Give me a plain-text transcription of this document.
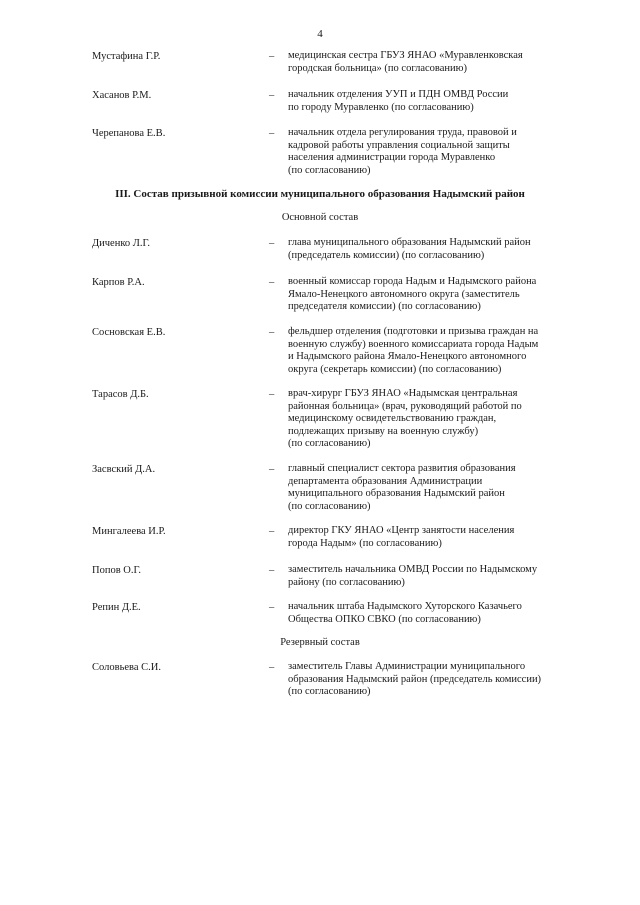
4
Мустафина Г.Р.	– медицинская сестра ГБУЗ ЯНАО «Муравленковская
городская больница» (по согласованию)
Хасанов Р.М.	– начальник отделения УУП и ПДН ОМВД России
по городу Муравленко (по согласованию)
Черепанова Е.В.	– начальник отдела регулирования труда, правовой и
кадровой работы управления социальной защиты
населения администрации города Муравленко
(по согласованию)
III. Состав призывной комиссии муниципального образования Надымский район
Основной состав
Диченко Л.Г.	– глава муниципального образования Надымский район
(председатель комиссии) (по согласованию)
Карпов Р.А.	– военный комиссар города Надым и Надымского района
Ямало-Ненецкого автономного округа (заместитель
председателя комиссии) (по согласованию)
Сосновская Е.В.	– фельдшер отделения (подготовки и призыва граждан на
военную службу) военного комиссариата города Надым
и Надымского района Ямало-Ненецкого автономного
округа (секретарь комиссии) (по согласованию)
Тарасов Д.Б.	– врач-хирург ГБУЗ ЯНАО «Надымская центральная
районная больница» (врач, руководящий работой по
медицинскому освидетельствованию граждан,
подлежащих призыву на военную службу)
(по согласованию)
Засвский Д.А.	– главный специалист сектора развития образования
департамента образования Администрации
муниципального образования Надымский район
(по согласованию)
Мингалеева И.Р.	– директор ГКУ ЯНАО «Центр занятости населения
города Надым» (по согласованию)
Попов О.Г.	– заместитель начальника ОМВД России по Надымскому
району (по согласованию)
Репин Д.Е.	– начальник штаба Надымского Хуторского Казачьего
Общества ОПКО СВКО (по согласованию)
Резервный состав
Соловьева С.И.	– заместитель Главы Администрации муниципального
образования Надымский район (председатель комиссии)
(по согласованию)
